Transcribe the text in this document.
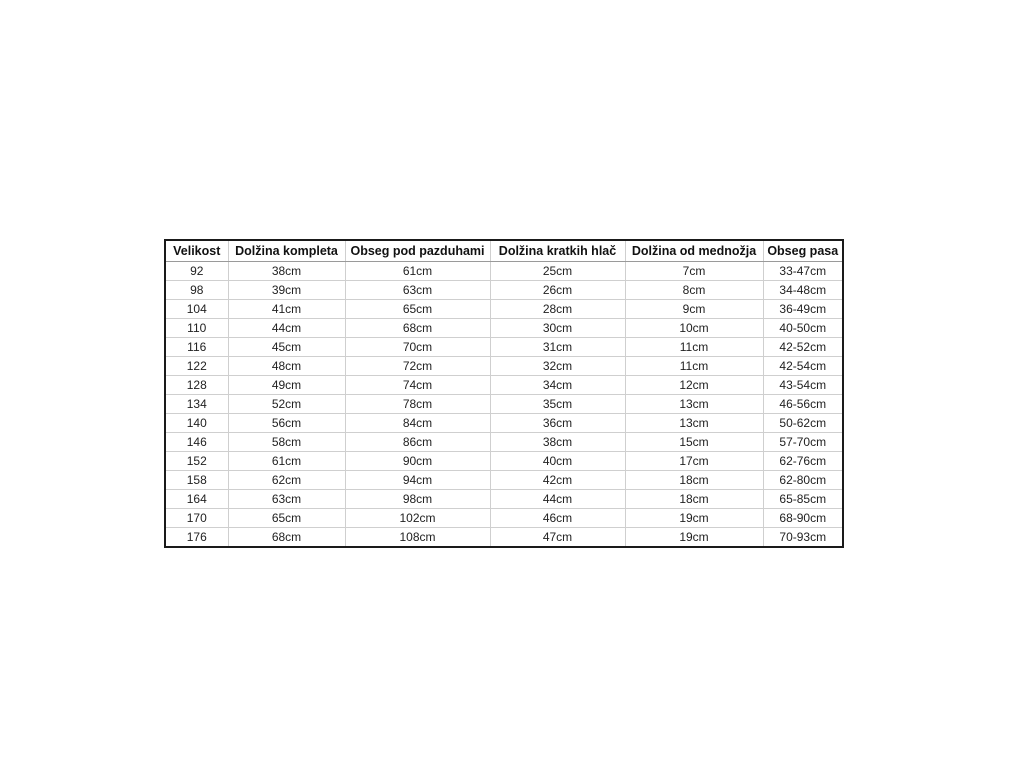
Velikost	Dolžina kompleta	Obseg pod pazduhami	Dolžina kratkih hlač	Dolžina od mednožja	Obseg pasa
92	38cm	61cm	25cm	7cm	33-47cm
98	39cm	63cm	26cm	8cm	34-48cm
104	41cm	65cm	28cm	9cm	36-49cm
110	44cm	68cm	30cm	10cm	40-50cm
116	45cm	70cm	31cm	11cm	42-52cm
122	48cm	72cm	32cm	11cm	42-54cm
128	49cm	74cm	34cm	12cm	43-54cm
134	52cm	78cm	35cm	13cm	46-56cm
140	56cm	84cm	36cm	13cm	50-62cm
146	58cm	86cm	38cm	15cm	57-70cm
152	61cm	90cm	40cm	17cm	62-76cm
158	62cm	94cm	42cm	18cm	62-80cm
164	63cm	98cm	44cm	18cm	65-85cm
170	65cm	102cm	46cm	19cm	68-90cm
176	68cm	108cm	47cm	19cm	70-93cm
